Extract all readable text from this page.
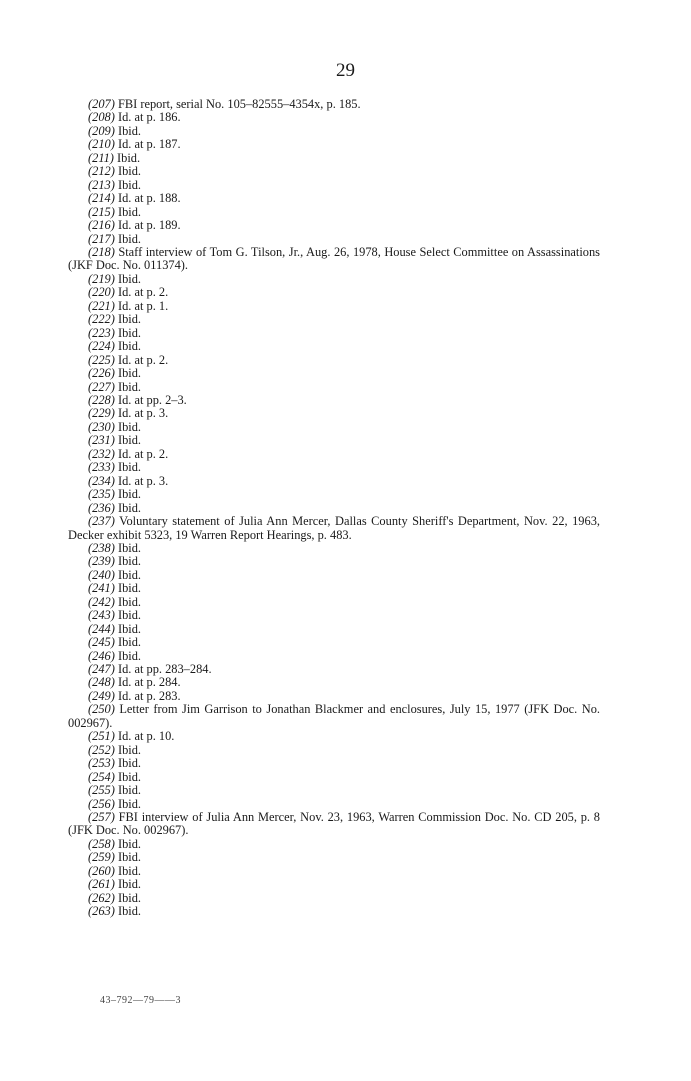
29

(207) FBI report, serial No. 105–82555–4354x, p. 185.

(208) Id. at p. 186.

(209) Ibid.

(210) Id. at p. 187.

(211) Ibid.

(212) Ibid.

(213) Ibid.

(214) Id. at p. 188.

(215) Ibid.

(216) Id. at p. 189.

(217) Ibid.

(218) Staff interview of Tom G. Tilson, Jr., Aug. 26, 1978, House Select Committee on Assassinations (JKF Doc. No. 011374).

(219) Ibid.

(220) Id. at p. 2.

(221) Id. at p. 1.

(222) Ibid.

(223) Ibid.

(224) Ibid.

(225) Id. at p. 2.

(226) Ibid.

(227) Ibid.

(228) Id. at pp. 2–3.

(229) Id. at p. 3.

(230) Ibid.

(231) Ibid.

(232) Id. at p. 2.

(233) Ibid.

(234) Id. at p. 3.

(235) Ibid.

(236) Ibid.

(237) Voluntary statement of Julia Ann Mercer, Dallas County Sheriff's Department, Nov. 22, 1963, Decker exhibit 5323, 19 Warren Report Hearings, p. 483.

(238) Ibid.

(239) Ibid.

(240) Ibid.

(241) Ibid.

(242) Ibid.

(243) Ibid.

(244) Ibid.

(245) Ibid.

(246) Ibid.

(247) Id. at pp. 283–284.

(248) Id. at p. 284.

(249) Id. at p. 283.

(250) Letter from Jim Garrison to Jonathan Blackmer and enclosures, July 15, 1977 (JFK Doc. No. 002967).

(251) Id. at p. 10.

(252) Ibid.

(253) Ibid.

(254) Ibid.

(255) Ibid.

(256) Ibid.

(257) FBI interview of Julia Ann Mercer, Nov. 23, 1963, Warren Commission Doc. No. CD 205, p. 8 (JFK Doc. No. 002967).

(258) Ibid.

(259) Ibid.

(260) Ibid.

(261) Ibid.

(262) Ibid.

(263) Ibid.

43–792—79——3
